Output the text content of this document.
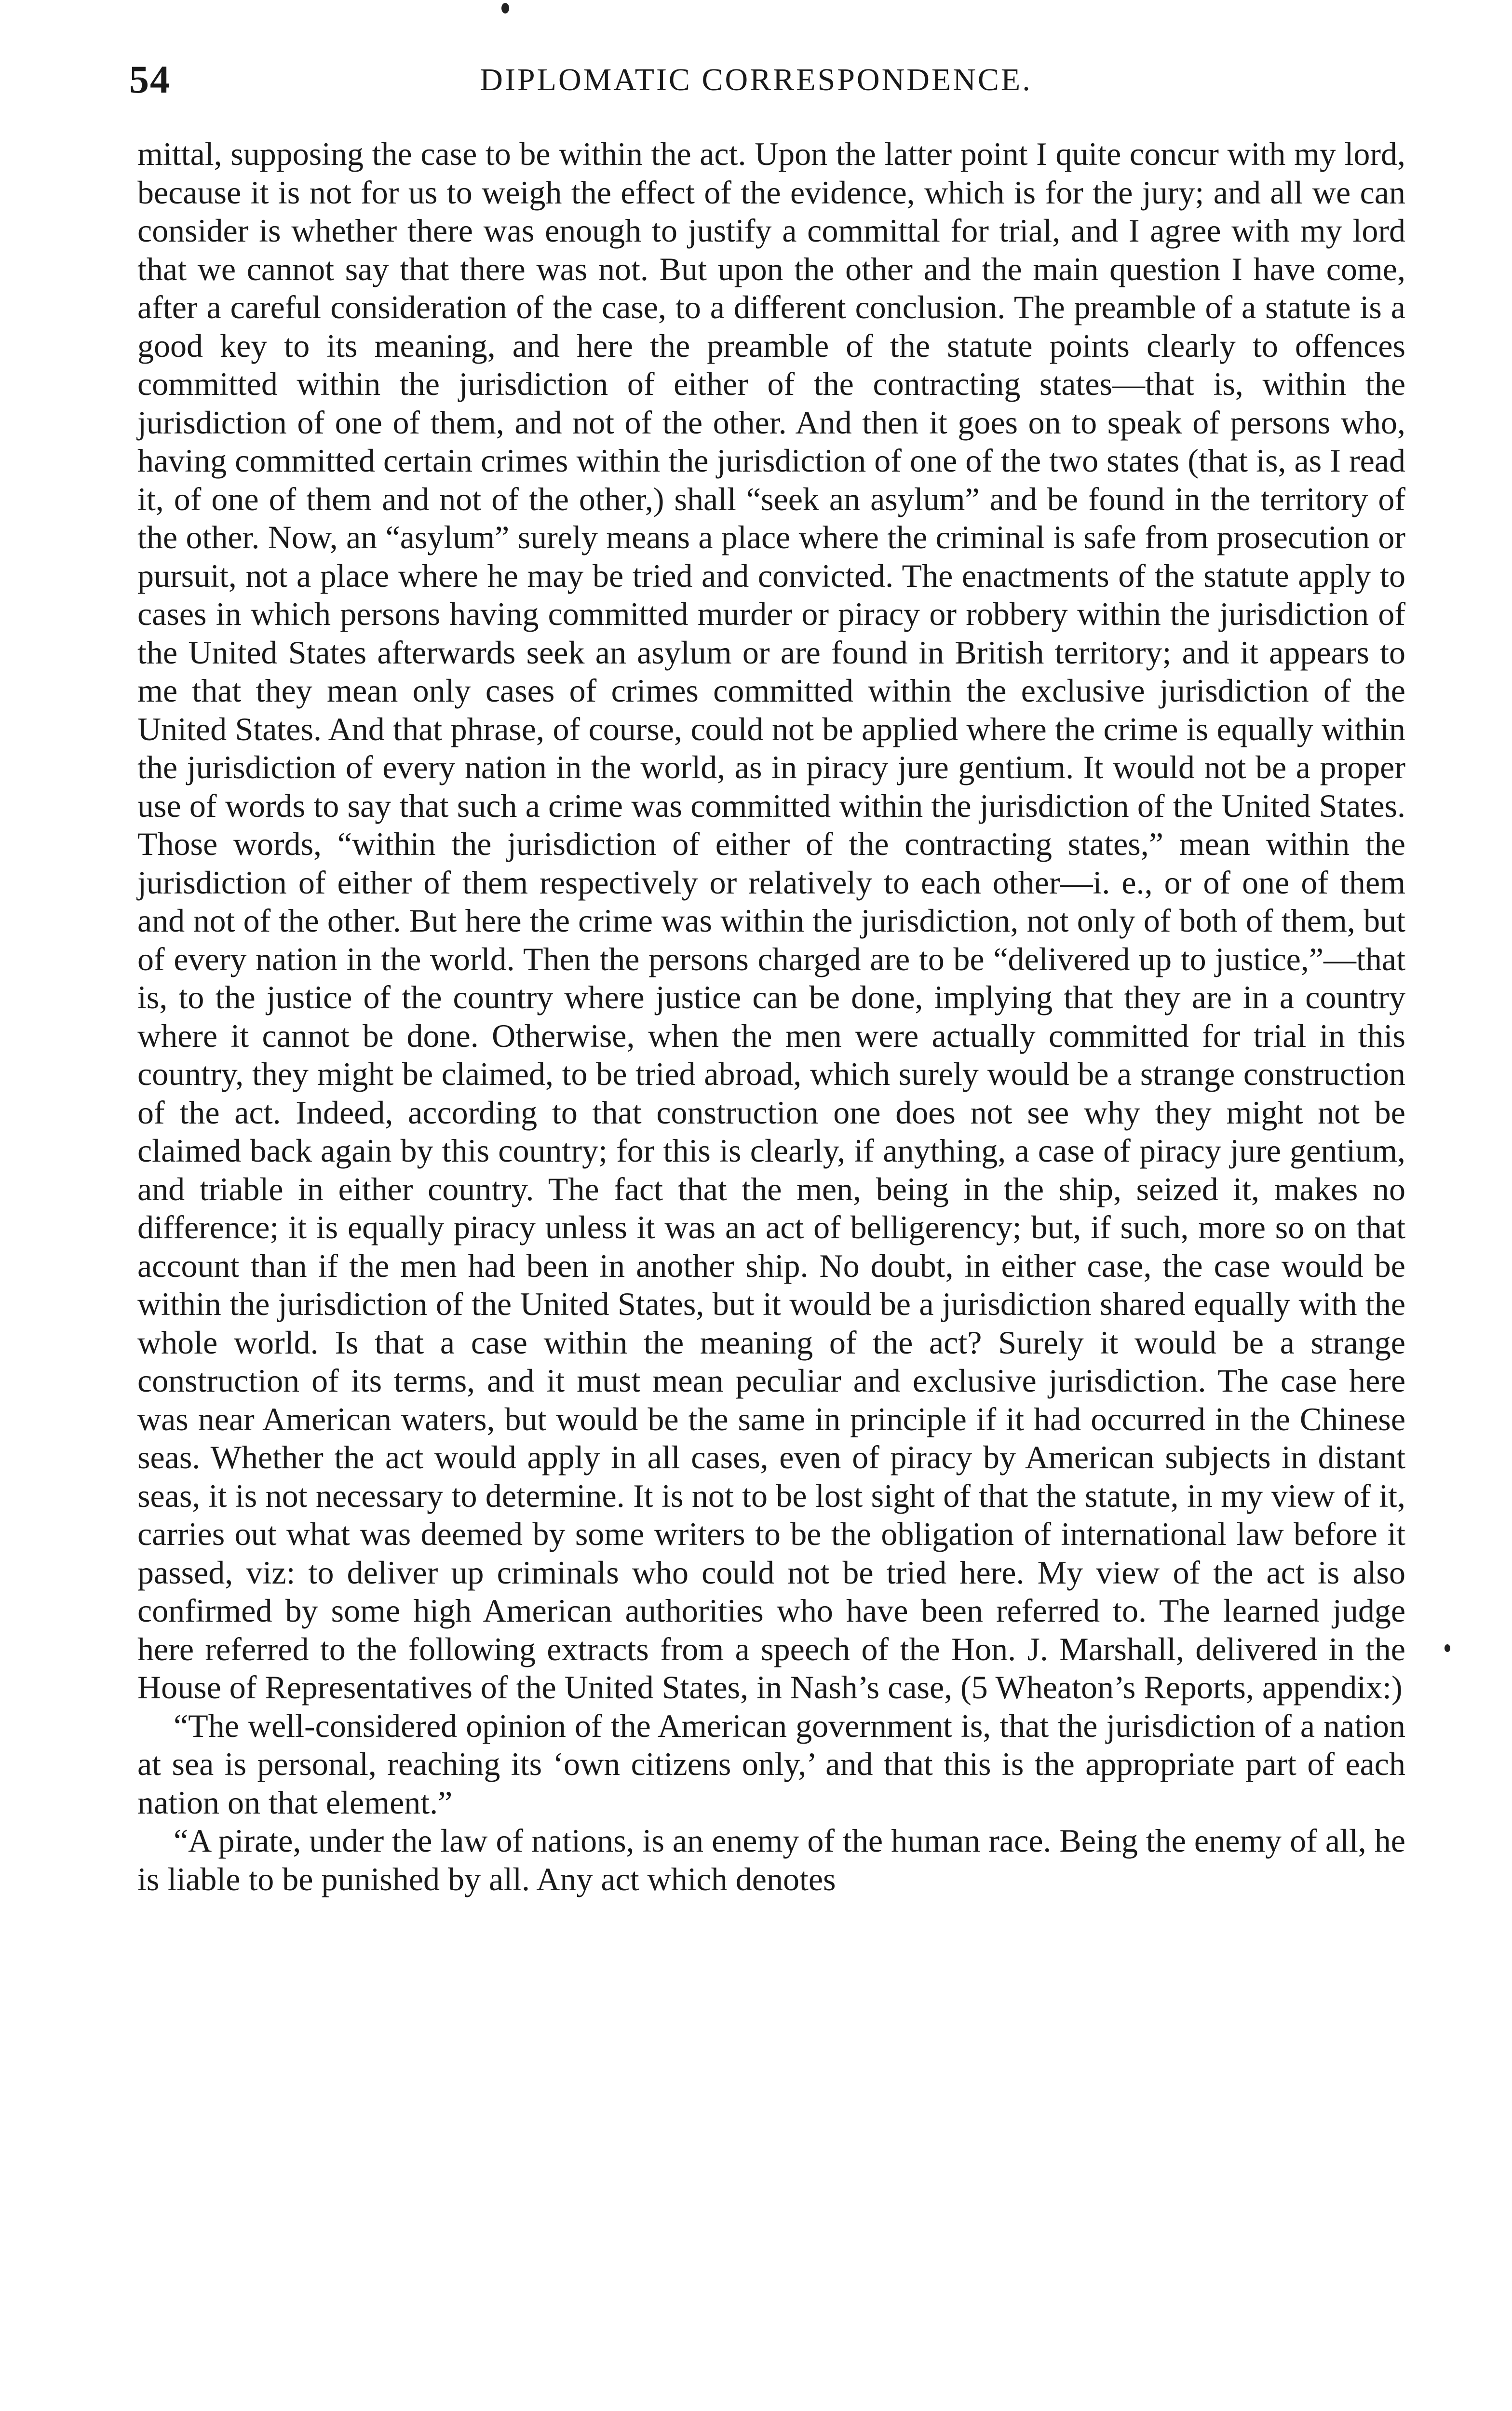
54	DIPLOMATIC CORRESPONDENCE.

mittal, supposing the case to be within the act. Upon the latter point I quite concur with my lord, because it is not for us to weigh the effect of the evidence, which is for the jury; and all we can consider is whether there was enough to justify a committal for trial, and I agree with my lord that we cannot say that there was not. But upon the other and the main question I have come, after a careful consideration of the case, to a different conclusion. The preamble of a statute is a good key to its meaning, and here the preamble of the statute points clearly to offences committed within the jurisdiction of either of the contracting states—that is, within the jurisdiction of one of them, and not of the other. And then it goes on to speak of persons who, having committed certain crimes within the jurisdiction of one of the two states (that is, as I read it, of one of them and not of the other,) shall “seek an asylum” and be found in the territory of the other. Now, an “asylum” surely means a place where the criminal is safe from prosecution or pursuit, not a place where he may be tried and convicted. The enactments of the statute apply to cases in which persons having committed murder or piracy or robbery within the jurisdiction of the United States afterwards seek an asylum or are found in British territory; and it appears to me that they mean only cases of crimes committed within the exclusive jurisdiction of the United States. And that phrase, of course, could not be applied where the crime is equally within the jurisdiction of every nation in the world, as in piracy jure gentium. It would not be a proper use of words to say that such a crime was committed within the jurisdiction of the United States. Those words, “within the jurisdiction of either of the contracting states,” mean within the jurisdiction of either of them respectively or relatively to each other—i. e., or of one of them and not of the other. But here the crime was within the jurisdiction, not only of both of them, but of every nation in the world. Then the persons charged are to be “delivered up to justice,”—that is, to the justice of the country where justice can be done, implying that they are in a country where it cannot be done. Otherwise, when the men were actually committed for trial in this country, they might be claimed, to be tried abroad, which surely would be a strange construction of the act. Indeed, according to that construction one does not see why they might not be claimed back again by this country; for this is clearly, if anything, a case of piracy jure gentium, and triable in either country. The fact that the men, being in the ship, seized it, makes no difference; it is equally piracy unless it was an act of belligerency; but, if such, more so on that account than if the men had been in another ship. No doubt, in either case, the case would be within the jurisdiction of the United States, but it would be a jurisdiction shared equally with the whole world. Is that a case within the meaning of the act? Surely it would be a strange construction of its terms, and it must mean peculiar and exclusive jurisdiction. The case here was near American waters, but would be the same in principle if it had occurred in the Chinese seas. Whether the act would apply in all cases, even of piracy by American subjects in distant seas, it is not necessary to determine. It is not to be lost sight of that the statute, in my view of it, carries out what was deemed by some writers to be the obligation of international law before it passed, viz: to deliver up criminals who could not be tried here. My view of the act is also confirmed by some high American authorities who have been referred to. The learned judge here referred to the following extracts from a speech of the Hon. J. Marshall, delivered in the House of Representatives of the United States, in Nash’s case, (5 Wheaton’s Reports, appendix:)

“The well-considered opinion of the American government is, that the jurisdiction of a nation at sea is personal, reaching its ‘own citizens only,’ and that this is the appropriate part of each nation on that element.”

“A pirate, under the law of nations, is an enemy of the human race. Being the enemy of all, he is liable to be punished by all. Any act which denotes
